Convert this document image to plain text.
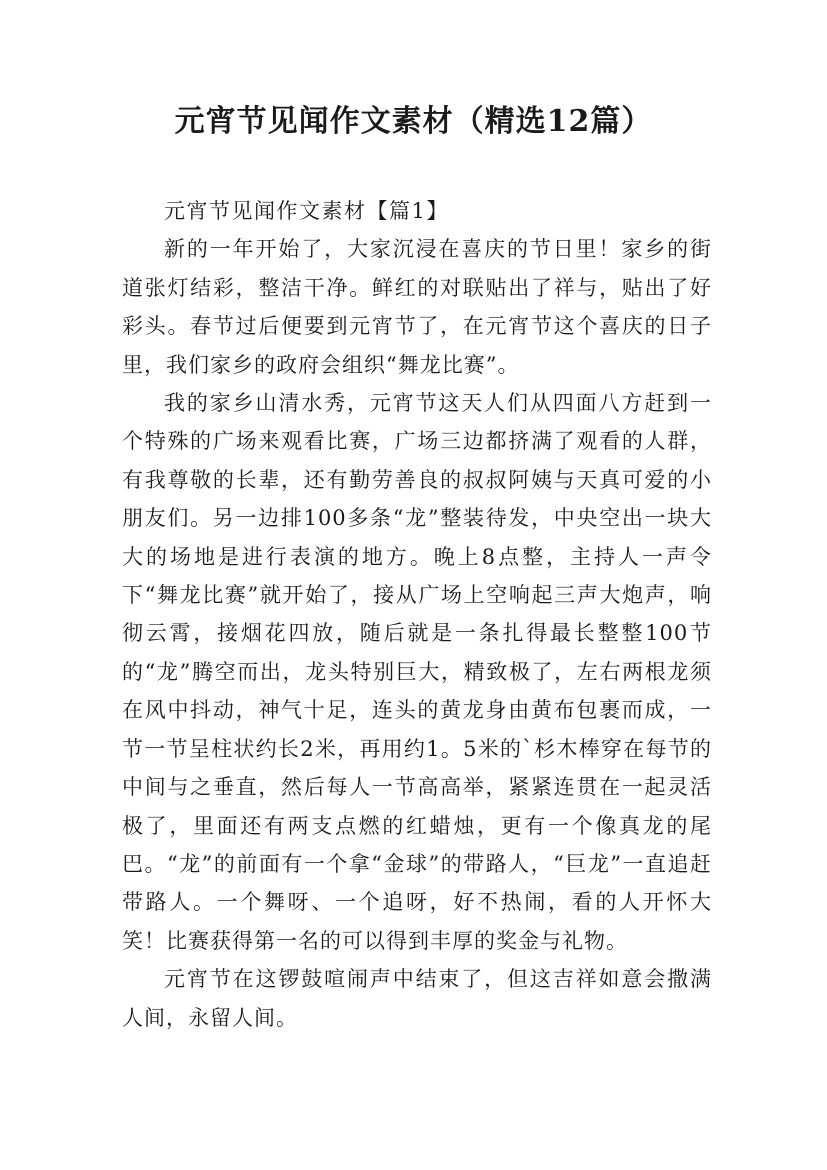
元宵节见闻作文素材（精选12篇）

元宵节见闻作文素材【篇1】

新的一年开始了，大家沉浸在喜庆的节日里！家乡的街道张灯结彩，整洁干净。鲜红的对联贴出了祥与，贴出了好彩头。春节过后便要到元宵节了，在元宵节这个喜庆的日子里，我们家乡的政府会组织“舞龙比赛”。

我的家乡山清水秀，元宵节这天人们从四面八方赶到一个特殊的广场来观看比赛，广场三边都挤满了观看的人群，有我尊敬的长辈，还有勤劳善良的叔叔阿姨与天真可爱的小朋友们。另一边排100多条“龙”整装待发，中央空出一块大大的场地是进行表演的地方。晚上8点整，主持人一声令下“舞龙比赛”就开始了，接从广场上空响起三声大炮声，响彻云霄，接烟花四放，随后就是一条扎得最长整整100节的“龙”腾空而出，龙头特别巨大，精致极了，左右两根龙须在风中抖动，神气十足，连头的黄龙身由黄布包裹而成，一节一节呈柱状约长2米，再用约1。5米的`杉木棒穿在每节的中间与之垂直，然后每人一节高高举，紧紧连贯在一起灵活极了，里面还有两支点燃的红蜡烛，更有一个像真龙的尾巴。“龙”的前面有一个拿“金球”的带路人，“巨龙”一直追赶带路人。一个舞呀、一个追呀，好不热闹，看的人开怀大笑！比赛获得第一名的可以得到丰厚的奖金与礼物。

元宵节在这锣鼓喧闹声中结束了，但这吉祥如意会撒满人间，永留人间。
